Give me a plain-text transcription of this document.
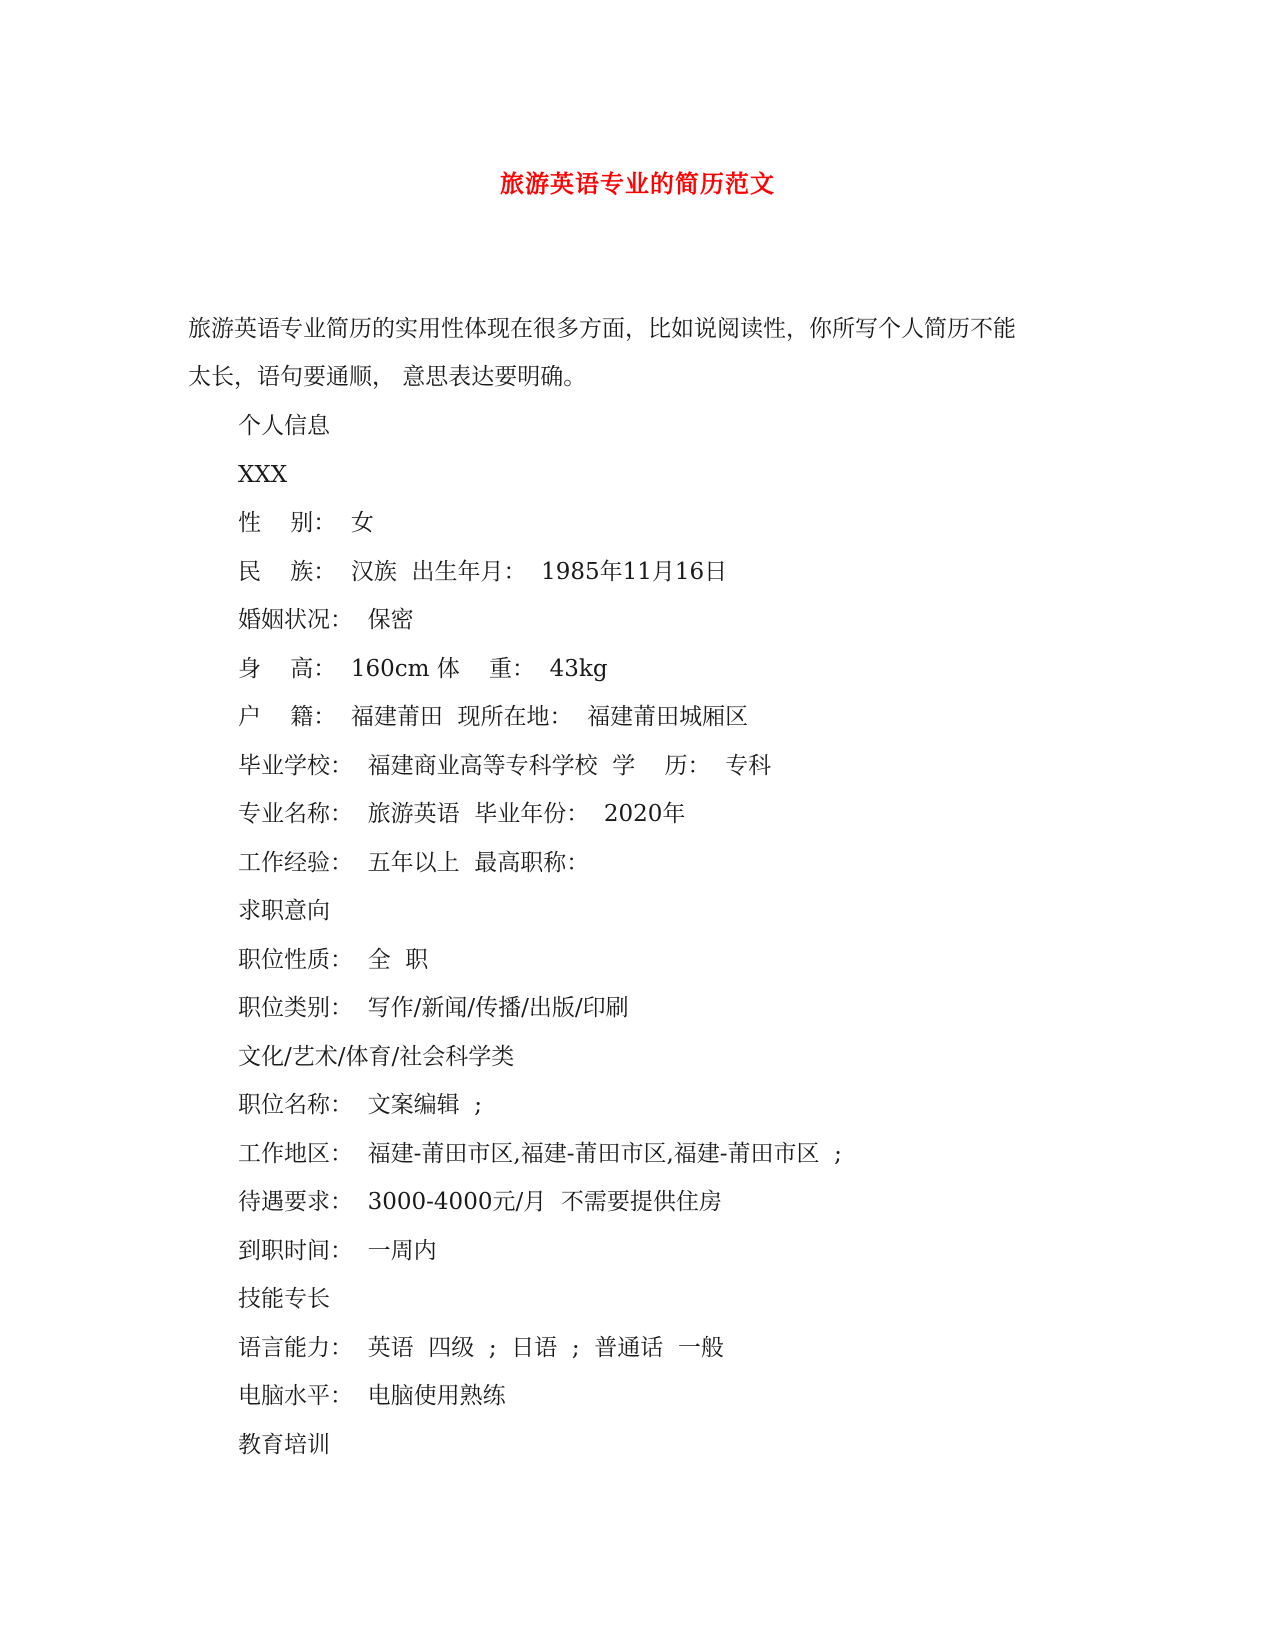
旅游英语专业的简历范文
旅游英语专业简历的实用性体现在很多方面，比如说阅读性，你所写个人简历不能
太长，语句要通顺， 意思表达要明确。
个人信息
XXX
性    别：  女
民    族：  汉族  出生年月：  1985年11月16日
婚姻状况：  保密
身    高：  160cm 体    重：  43kg
户    籍：  福建莆田  现所在地：  福建莆田城厢区
毕业学校：  福建商业高等专科学校  学    历：  专科
专业名称：  旅游英语  毕业年份：  2020年
工作经验：  五年以上  最高职称：
求职意向
职位性质：  全  职
职位类别：  写作/新闻/传播/出版/印刷
文化/艺术/体育/社会科学类
职位名称：  文案编辑  ;
工作地区：  福建-莆田市区,福建-莆田市区,福建-莆田市区  ;
待遇要求：  3000-4000元/月  不需要提供住房
到职时间：  一周内
技能专长
语言能力：  英语  四级  ;  日语  ;  普通话  一般
电脑水平：  电脑使用熟练
教育培训
